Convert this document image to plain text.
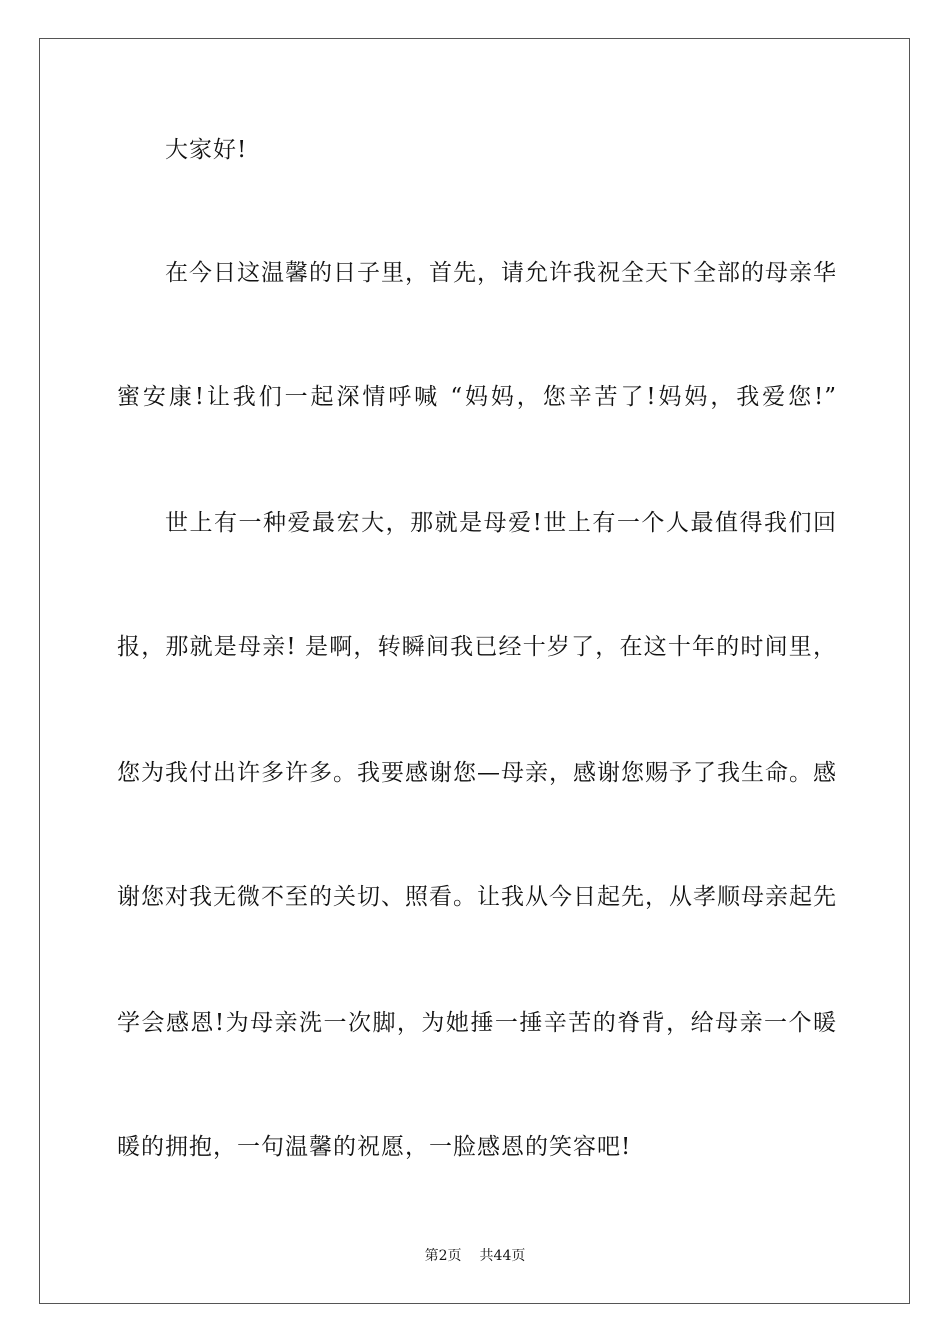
大家好!
在今日这温馨的日子里，首先，请允许我祝全天下全部的母亲华
蜜安康!让我们一起深情呼喊 “妈妈，您辛苦了!妈妈，我爱您!”
世上有一种爱最宏大，那就是母爱!世上有一个人最值得我们回
报，那就是母亲! 是啊，转瞬间我已经十岁了，在这十年的时间里，
您为我付出许多许多。我要感谢您—母亲，感谢您赐予了我生命。感
谢您对我无微不至的关切、照看。让我从今日起先，从孝顺母亲起先
学会感恩!为母亲洗一次脚，为她捶一捶辛苦的脊背，给母亲一个暖
暖的拥抱，一句温馨的祝愿，一脸感恩的笑容吧!
第2页 共44页
